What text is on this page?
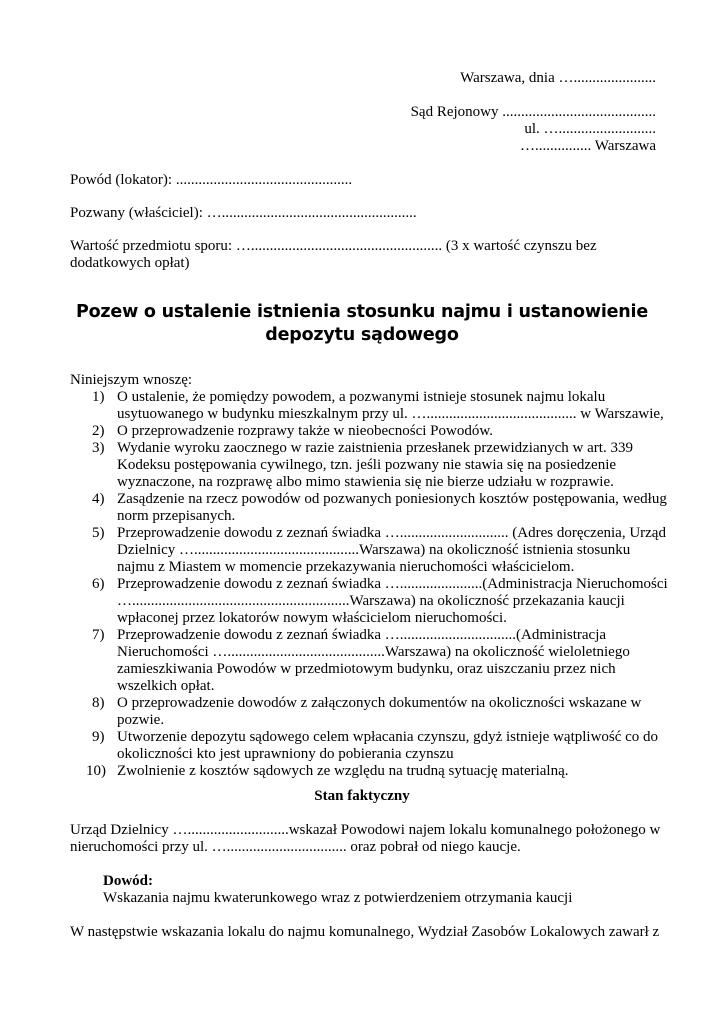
Warszawa, dnia …......................
Sąd Rejonowy .........................................
ul. …..........................
…............... Warszawa
Powód (lokator): ...............................................
Pozwany (właściciel): …....................................................
Wartość przedmiotu sporu: …................................................... (3 x wartość czynszu bez
dodatkowych opłat)
Pozew o ustalenie istnienia stosunku najmu i ustanowienie
depozytu sądowego
Niniejszym wnoszę:
1) O ustalenie, że pomiędzy powodem, a pozwanymi istnieje stosunek najmu lokalu
usytuowanego w budynku mieszkalnym przy ul. …........................................ w Warszawie,
2) O przeprowadzenie rozprawy także w nieobecności Powodów.
3) Wydanie wyroku zaocznego w razie zaistnienia przesłanek przewidzianych w art. 339
Kodeksu postępowania cywilnego, tzn. jeśli pozwany nie stawia się na posiedzenie
wyznaczone, na rozprawę albo mimo stawienia się nie bierze udziału w rozprawie.
4) Zasądzenie na rzecz powodów od pozwanych poniesionych kosztów postępowania, według
norm przepisanych.
5) Przeprowadzenie dowodu z zeznań świadka …............................. (Adres doręczenia, Urząd
Dzielnicy …............................................Warszawa) na okoliczność istnienia stosunku
najmu z Miastem w momencie przekazywania nieruchomości właścicielom.
6) Przeprowadzenie dowodu z zeznań świadka …......................(Administracja Nieruchomości
…..........................................................Warszawa) na okoliczność przekazania kaucji
wpłaconej przez lokatorów nowym właścicielom nieruchomości.
7) Przeprowadzenie dowodu z zeznań świadka …...............................(Administracja
Nieruchomości …..........................................Warszawa) na okoliczność wieloletniego
zamieszkiwania Powodów w przedmiotowym budynku, oraz uiszczaniu przez nich
wszelkich opłat.
8) O przeprowadzenie dowodów z załączonych dokumentów na okoliczności wskazane w
pozwie.
9) Utworzenie depozytu sądowego celem wpłacania czynszu, gdyż istnieje wątpliwość co do
okoliczności kto jest uprawniony do pobierania czynszu
10) Zwolnienie z kosztów sądowych ze względu na trudną sytuację materialną.
Stan faktyczny
Urząd Dzielnicy …...........................wskazał Powodowi najem lokalu komunalnego położonego w
nieruchomości przy ul. …................................ oraz pobrał od niego kaucje.
Dowód:
Wskazania najmu kwaterunkowego wraz z potwierdzeniem otrzymania kaucji
W następstwie wskazania lokalu do najmu komunalnego, Wydział Zasobów Lokalowych zawarł z
